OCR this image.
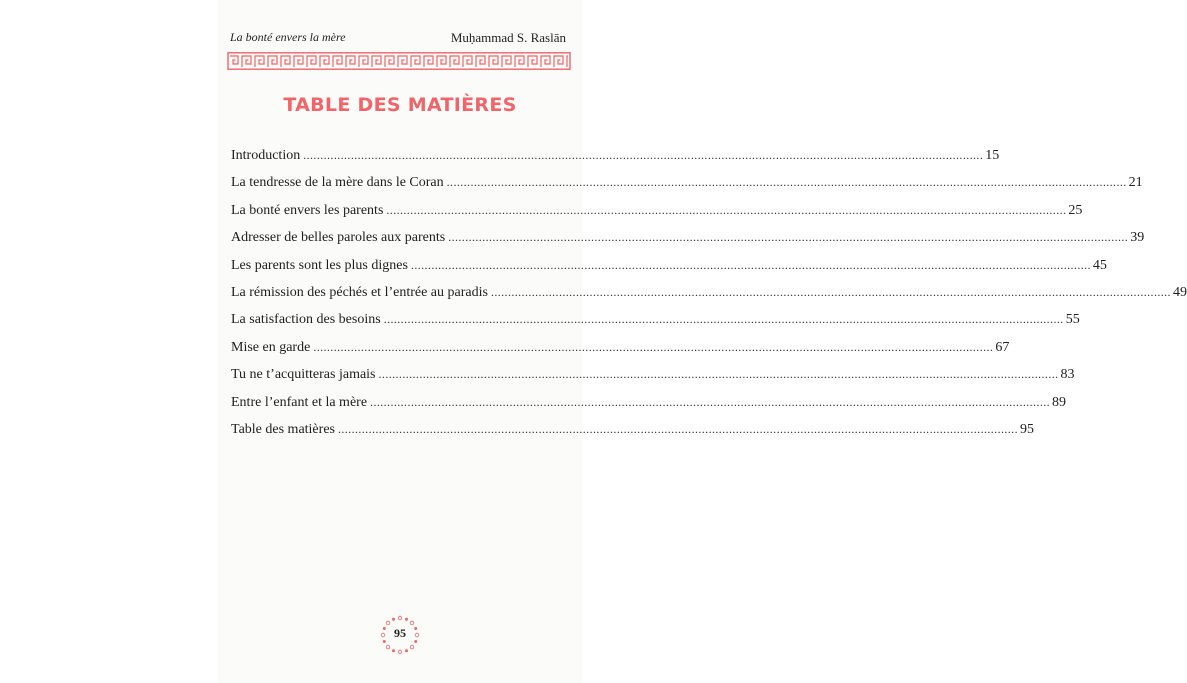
La bonté envers la mère	Muḥammad S. Raslān
TABLE DES MATIÈRES
Introduction ........................................................................................................................................................................................................ 15
La tendresse de la mère dans le Coran ........................................................................................................................................................................................................ 21
La bonté envers les parents ........................................................................................................................................................................................................ 25
Adresser de belles paroles aux parents ........................................................................................................................................................................................................ 39
Les parents sont les plus dignes ........................................................................................................................................................................................................ 45
La rémission des péchés et l’entrée au paradis ........................................................................................................................................................................................................ 49
La satisfaction des besoins ........................................................................................................................................................................................................ 55
Mise en garde ........................................................................................................................................................................................................ 67
Tu ne t’acquitteras jamais ........................................................................................................................................................................................................ 83
Entre l’enfant et la mère ........................................................................................................................................................................................................ 89
Table des matières ........................................................................................................................................................................................................ 95
95
